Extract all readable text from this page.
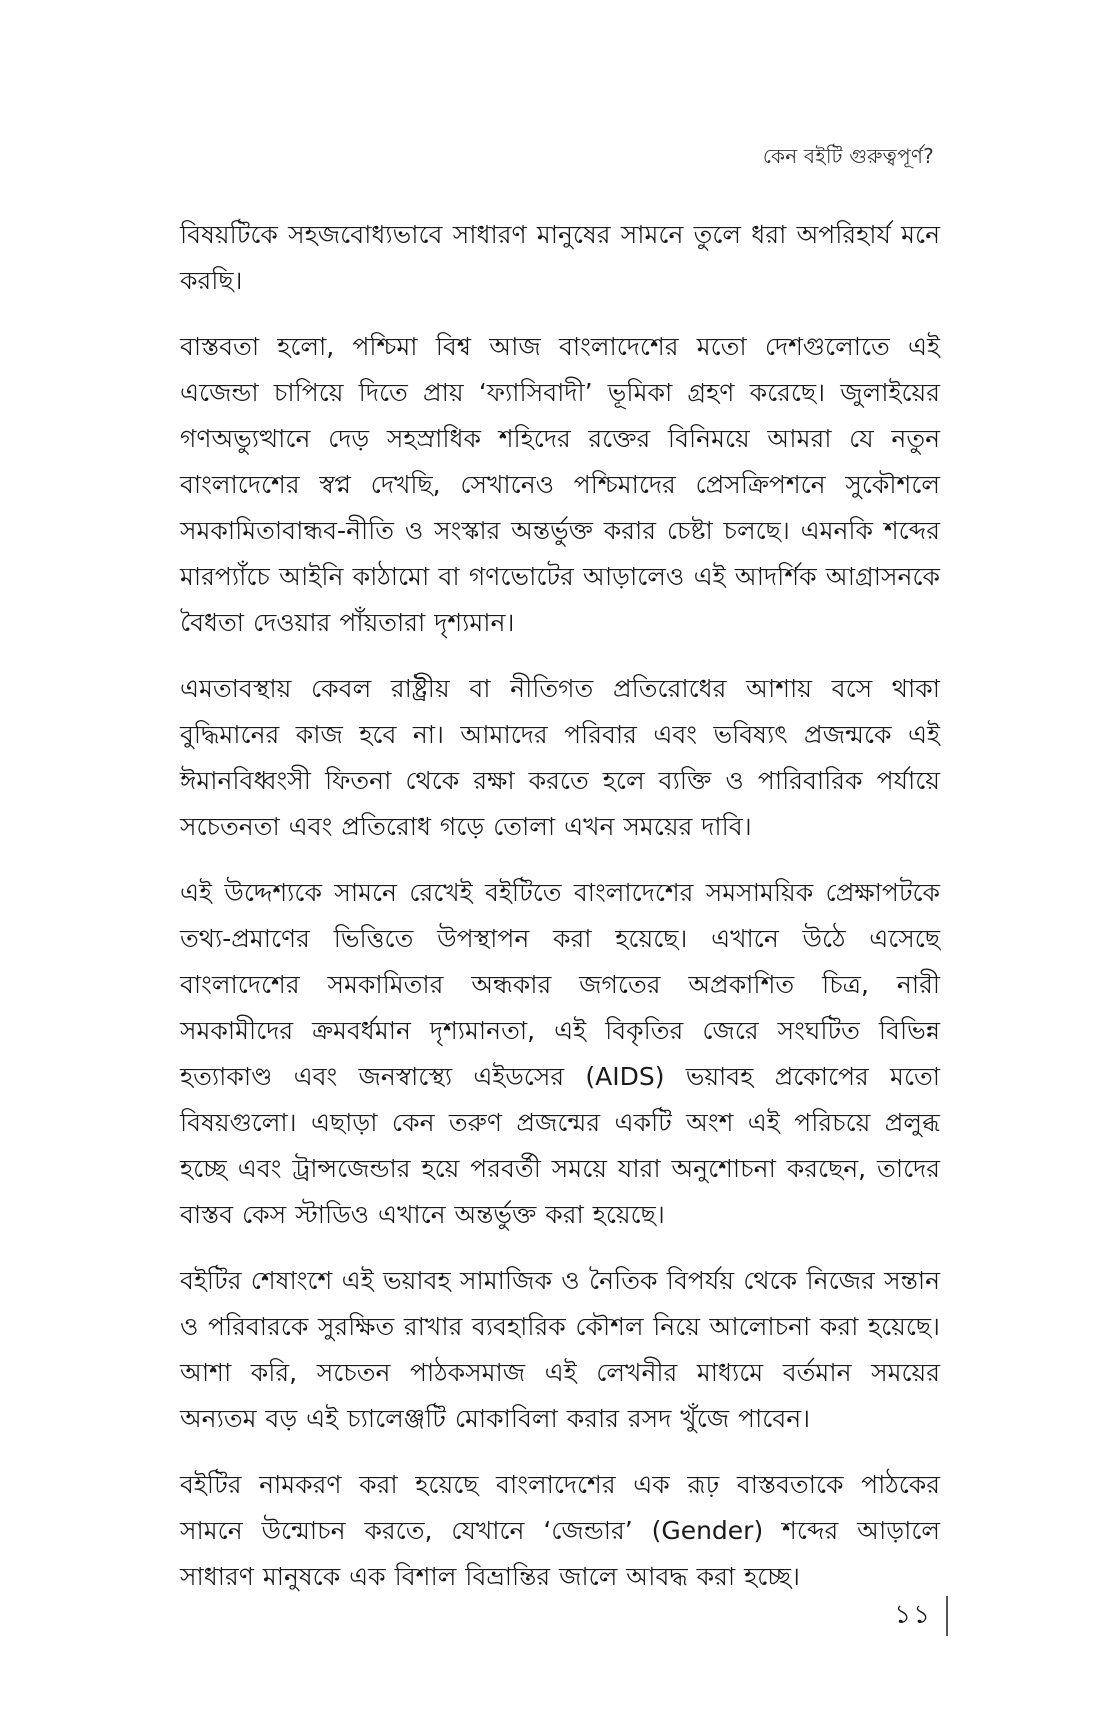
কেন বইটি গুরুত্বপূর্ণ?

বিষয়টিকে সহজবোধ্যভাবে সাধারণ মানুষের সামনে তুলে ধরা অপরিহার্য মনে করছি।

বাস্তবতা হলো, পশ্চিমা বিশ্ব আজ বাংলাদেশের মতো দেশগুলোতে এই এজেন্ডা চাপিয়ে দিতে প্রায় ‘ফ্যাসিবাদী’ ভূমিকা গ্রহণ করেছে। জুলাইয়ের গণঅভ্যুত্থানে দেড় সহস্রাধিক শহিদের রক্তের বিনিময়ে আমরা যে নতুন বাংলাদেশের স্বপ্ন দেখছি, সেখানেও পশ্চিমাদের প্রেসক্রিপশনে সুকৌশলে সমকামিতাবান্ধব-নীতি ও সংস্কার অন্তর্ভুক্ত করার চেষ্টা চলছে। এমনকি শব্দের মারপ্যাঁচে আইনি কাঠামো বা গণভোটের আড়ালেও এই আদর্শিক আগ্রাসনকে বৈধতা দেওয়ার পাঁয়তারা দৃশ্যমান।

এমতাবস্থায় কেবল রাষ্ট্রীয় বা নীতিগত প্রতিরোধের আশায় বসে থাকা বুদ্ধিমানের কাজ হবে না। আমাদের পরিবার এবং ভবিষ্যৎ প্রজন্মকে এই ঈমানবিধ্বংসী ফিতনা থেকে রক্ষা করতে হলে ব্যক্তি ও পারিবারিক পর্যায়ে সচেতনতা এবং প্রতিরোধ গড়ে তোলা এখন সময়ের দাবি।

এই উদ্দেশ্যকে সামনে রেখেই বইটিতে বাংলাদেশের সমসাময়িক প্রেক্ষাপটকে তথ্য-প্রমাণের ভিত্তিতে উপস্থাপন করা হয়েছে। এখানে উঠে এসেছে বাংলাদেশের সমকামিতার অন্ধকার জগতের অপ্রকাশিত চিত্র, নারী সমকামীদের ক্রমবর্ধমান দৃশ্যমানতা, এই বিকৃতির জেরে সংঘটিত বিভিন্ন হত্যাকাণ্ড এবং জনস্বাস্থ্যে এইডসের (AIDS) ভয়াবহ প্রকোপের মতো বিষয়গুলো। এছাড়া কেন তরুণ প্রজন্মের একটি অংশ এই পরিচয়ে প্রলুব্ধ হচ্ছে এবং ট্রান্সজেন্ডার হয়ে পরবর্তী সময়ে যারা অনুশোচনা করছেন, তাদের বাস্তব কেস স্টাডিও এখানে অন্তর্ভুক্ত করা হয়েছে।

বইটির শেষাংশে এই ভয়াবহ সামাজিক ও নৈতিক বিপর্যয় থেকে নিজের সন্তান ও পরিবারকে সুরক্ষিত রাখার ব্যবহারিক কৌশল নিয়ে আলোচনা করা হয়েছে। আশা করি, সচেতন পাঠকসমাজ এই লেখনীর মাধ্যমে বর্তমান সময়ের অন্যতম বড় এই চ্যালেঞ্জটি মোকাবিলা করার রসদ খুঁজে পাবেন।

বইটির নামকরণ করা হয়েছে বাংলাদেশের এক রূঢ় বাস্তবতাকে পাঠকের সামনে উন্মোচন করতে, যেখানে ‘জেন্ডার’ (Gender) শব্দের আড়ালে সাধারণ মানুষকে এক বিশাল বিভ্রান্তির জালে আবদ্ধ করা হচ্ছে।

১১
